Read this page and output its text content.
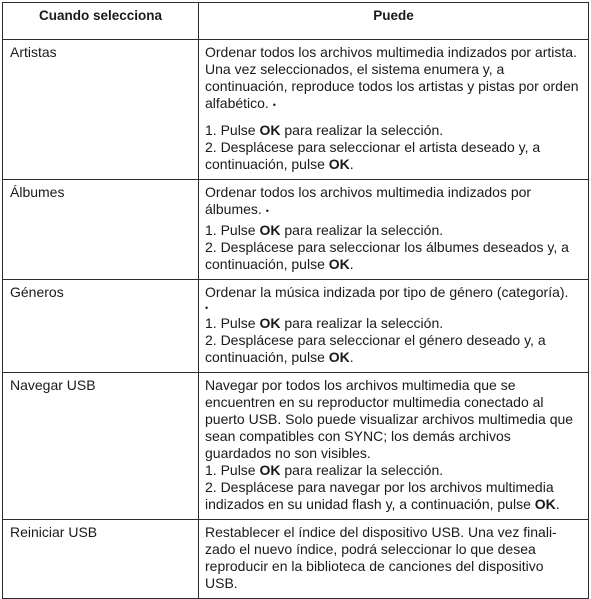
Cuando selecciona	Puede
Artistas	Ordenar todos los archivos multimedia indizados por artista. Una vez seleccionados, el sistema enumera y, a continuación, reproduce todos los artistas y pistas por orden alfabético. •

1. Pulse OK para realizar la selección.

2. Desplácese para seleccionar el artista deseado y, a continuación, pulse OK.

Álbumes	Ordenar todos los archivos multimedia indizados por álbumes. •

1. Pulse OK para realizar la selección.

2. Desplácese para seleccionar los álbumes deseados y, a continuación, pulse OK.

Géneros	Ordenar la música indizada por tipo de género (categoría).

•

1. Pulse OK para realizar la selección.

2. Desplácese para seleccionar el género deseado y, a continuación, pulse OK.

Navegar USB	Navegar por todos los archivos multimedia que se encuentren en su reproductor multimedia conectado al puerto USB. Solo puede visualizar archivos multimedia que sean compatibles con SYNC; los demás archivos guardados no son visibles.

1. Pulse OK para realizar la selección.

2. Desplácese para navegar por los archivos multimedia indizados en su unidad flash y, a continuación, pulse OK.

Reiniciar USB	Restablecer el índice del dispositivo USB. Una vez finali-zado el nuevo índice, podrá seleccionar lo que desea reproducir en la biblioteca de canciones del dispositivo USB.
